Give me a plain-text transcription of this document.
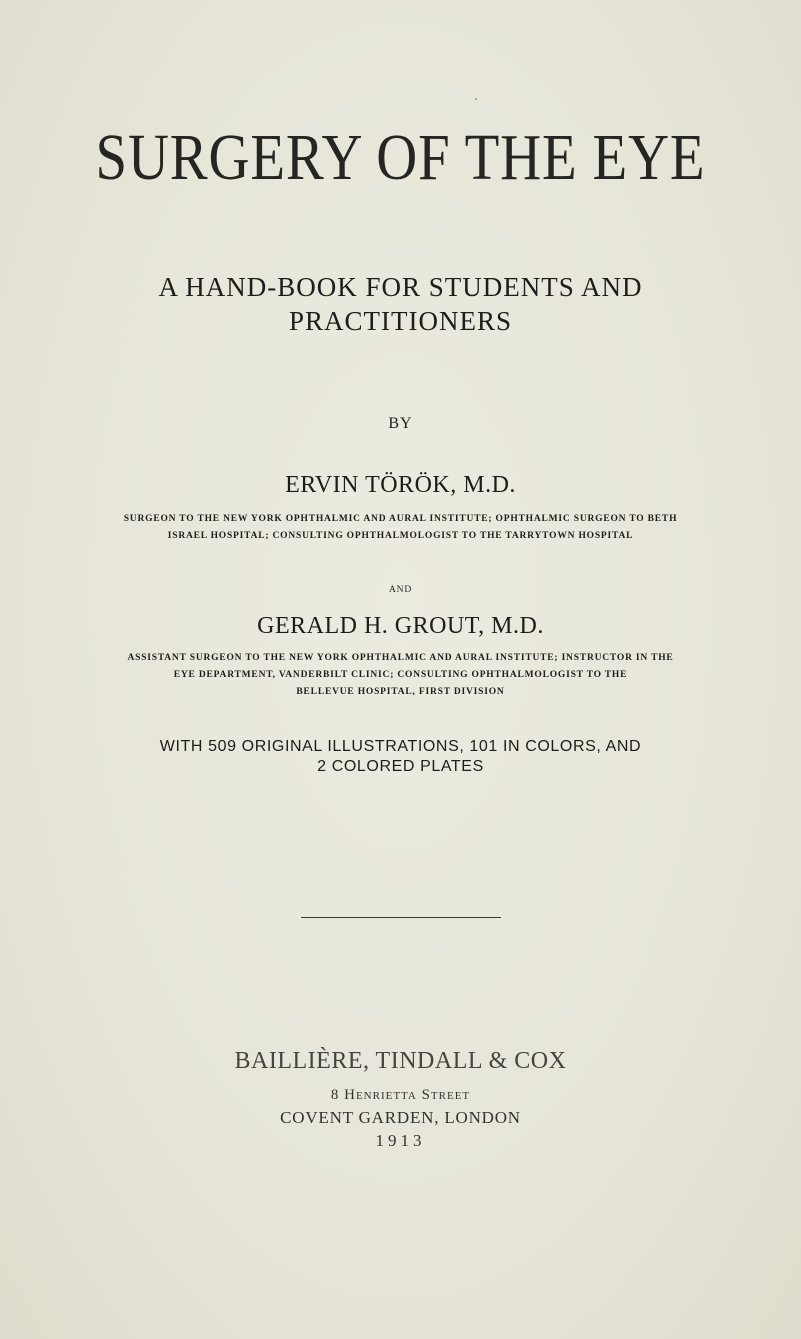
SURGERY OF THE EYE
A HAND-BOOK FOR STUDENTS AND
PRACTITIONERS
BY
ERVIN TÖRÖK, M.D.
SURGEON TO THE NEW YORK OPHTHALMIC AND AURAL INSTITUTE; OPHTHALMIC SURGEON TO BETH
ISRAEL HOSPITAL; CONSULTING OPHTHALMOLOGIST TO THE TARRYTOWN HOSPITAL
AND
GERALD H. GROUT, M.D.
ASSISTANT SURGEON TO THE NEW YORK OPHTHALMIC AND AURAL INSTITUTE; INSTRUCTOR IN THE
EYE DEPARTMENT, VANDERBILT CLINIC; CONSULTING OPHTHALMOLOGIST TO THE
BELLEVUE HOSPITAL, FIRST DIVISION
WITH 509 ORIGINAL ILLUSTRATIONS, 101 IN COLORS, AND
2 COLORED PLATES
BAILLIÈRE, TINDALL & COX
8 Henrietta Street
COVENT GARDEN, LONDON
1913
